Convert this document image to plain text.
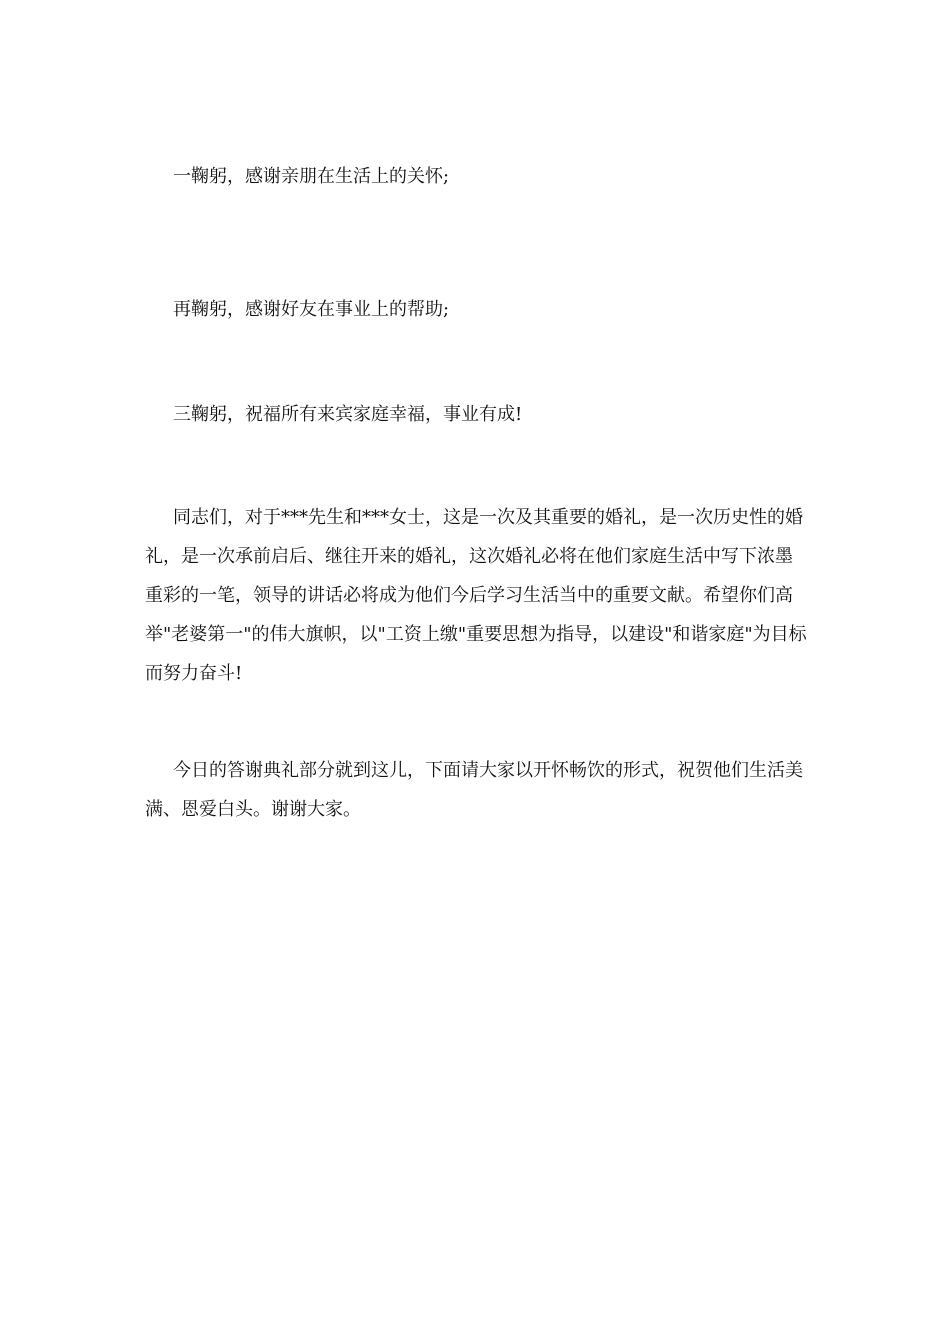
一鞠躬，感谢亲朋在生活上的关怀;

再鞠躬，感谢好友在事业上的帮助;

三鞠躬，祝福所有来宾家庭幸福，事业有成!

同志们，对于***先生和***女士，这是一次及其重要的婚礼，是一次历史性的婚礼，是一次承前启后、继往开来的婚礼，这次婚礼必将在他们家庭生活中写下浓墨重彩的一笔，领导的讲话必将成为他们今后学习生活当中的重要文献。希望你们高举"老婆第一"的伟大旗帜，以"工资上缴"重要思想为指导，以建设"和谐家庭"为目标而努力奋斗!

今日的答谢典礼部分就到这儿，下面请大家以开怀畅饮的形式，祝贺他们生活美满、恩爱白头。谢谢大家。
